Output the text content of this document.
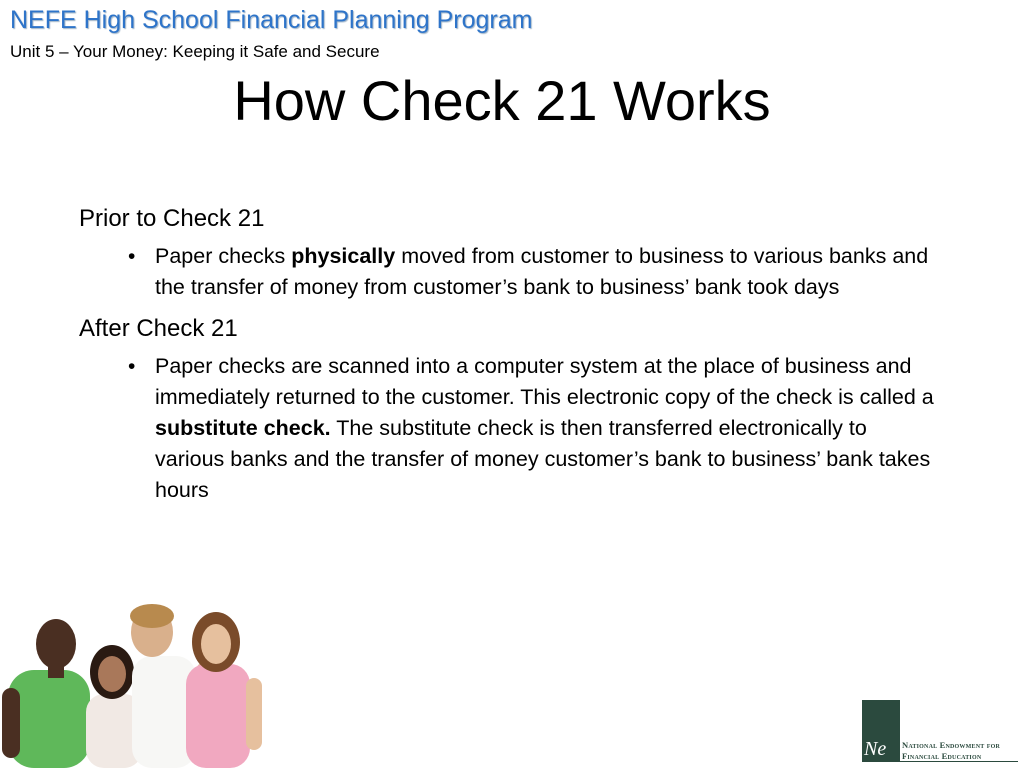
NEFE High School Financial Planning Program
Unit 5 – Your Money: Keeping it Safe and Secure
How Check 21 Works

Prior to Check 21

• Paper checks physically moved from customer to business to various banks and the transfer of money from customer’s bank to business’ bank took days

After Check 21

• Paper checks are scanned into a computer system at the place of business and immediately returned to the customer. This electronic copy of the check is called a substitute check. The substitute check is then transferred electronically to various banks and the transfer of money customer’s bank to business’ bank takes hours
Ne National Endowment for
Financial Education
